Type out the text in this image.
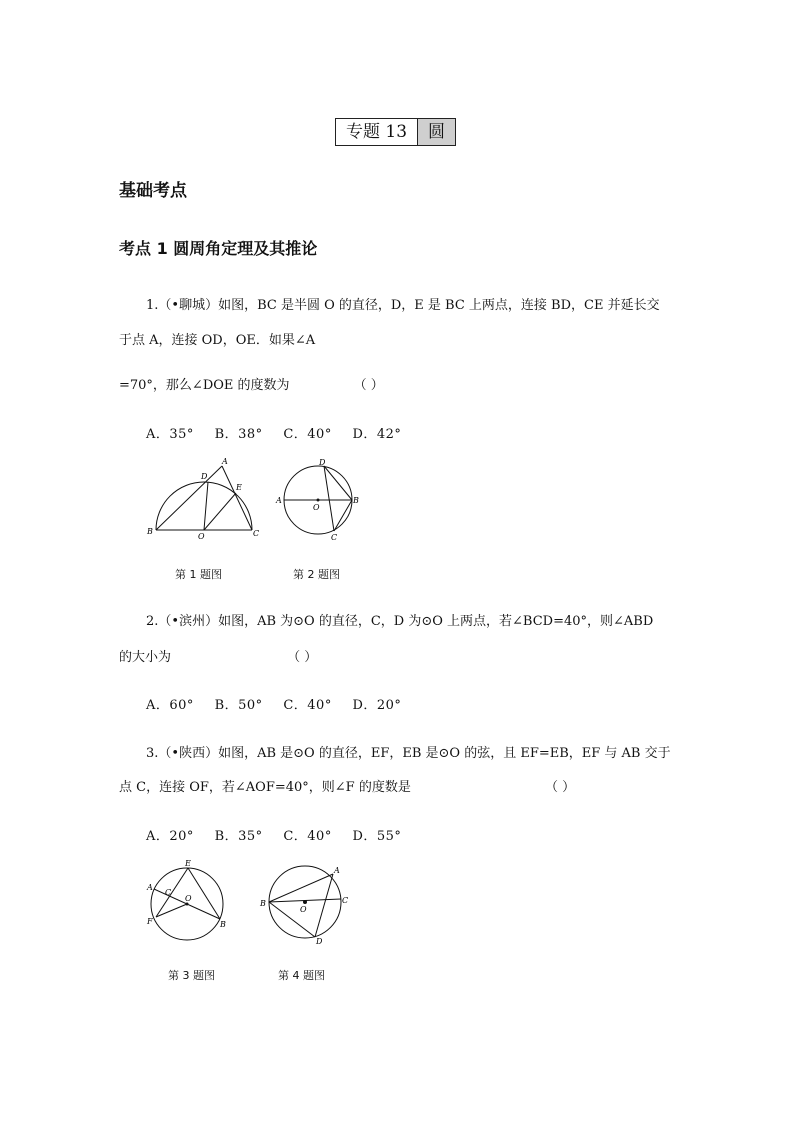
专题 13	圆
基础考点
考点 1 圆周角定理及其推论
1.（•聊城）如图，BC 是半圆 O 的直径，D，E 是 BC 上两点，连接 BD，CE 并延长交
于点 A，连接 OD，OE．如果∠A
=70°，那么∠DOE 的度数为	（ ）
A．35° B．38° C．40° D．42°
A
D
E
B
O	C
第 1 题图
D
A
O
B
C
第 2 题图
2.（•滨州）如图，AB 为⊙O 的直径，C，D 为⊙O 上两点，若∠BCD=40°，则∠ABD
的大小为	（ ）
A．60° B．50° C．40° D．20°
3.（•陕西）如图，AB 是⊙O 的直径，EF，EB 是⊙O 的弦，且 EF=EB，EF 与 AB 交于
点 C，连接 OF，若∠AOF=40°，则∠F 的度数是	（ ）
A．20° B．35° C．40° D．55°
E
A
C
O
F	B
第 3 题图
A
B
O
C
D
第 4 题图
